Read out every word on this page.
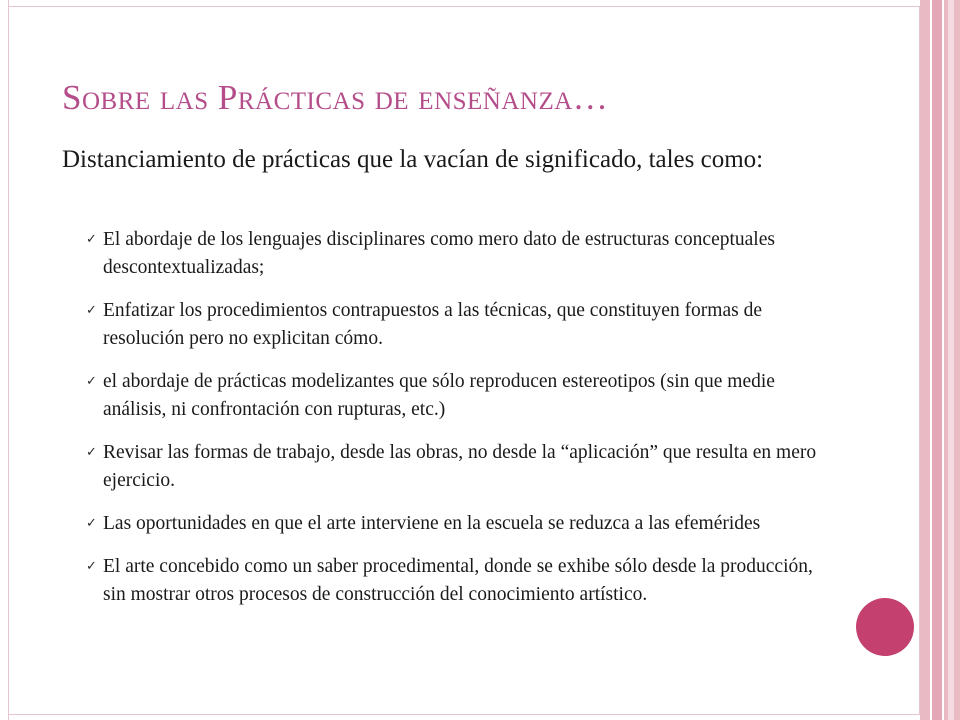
Sobre las Prácticas de enseñanza…

Distanciamiento de prácticas que la vacían de significado, tales como:

✓ El abordaje de los lenguajes disciplinares como mero dato de estructuras conceptuales descontextualizadas;
✓ Enfatizar los procedimientos contrapuestos a las técnicas, que constituyen formas de resolución pero no explicitan cómo.
✓ el abordaje de prácticas modelizantes que sólo reproducen estereotipos (sin que medie análisis, ni confrontación con rupturas, etc.)
✓ Revisar las formas de trabajo, desde las obras, no desde la “aplicación” que resulta en mero ejercicio.
✓ Las oportunidades en que el arte interviene en la escuela se reduzca a las efemérides
✓ El arte concebido como un saber procedimental, donde se exhibe sólo desde la producción, sin mostrar otros procesos de construcción del conocimiento artístico.
